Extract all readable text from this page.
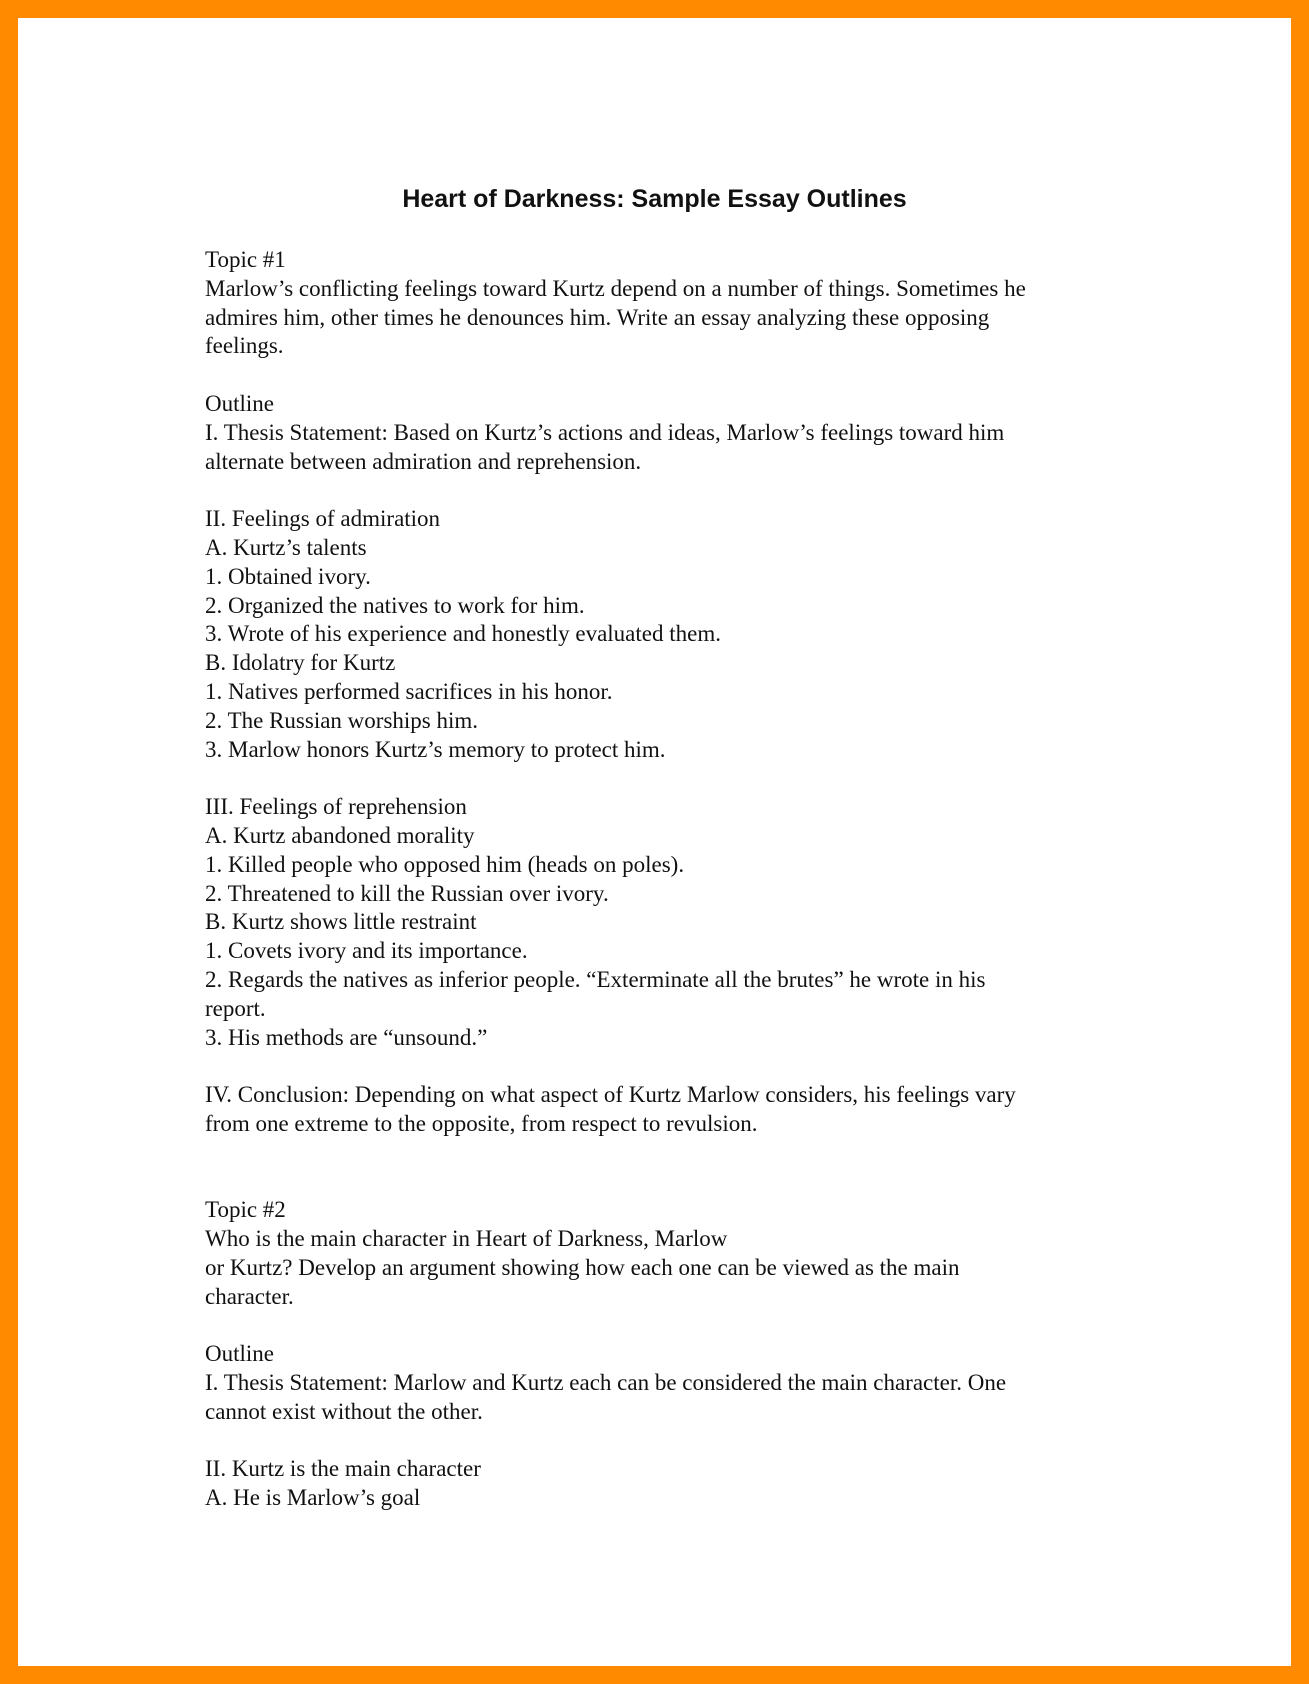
Heart of Darkness: Sample Essay Outlines
Topic #1
Marlow’s conflicting feelings toward Kurtz depend on a number of things. Sometimes he
admires him, other times he denounces him. Write an essay analyzing these opposing
feelings.
Outline
I. Thesis Statement: Based on Kurtz’s actions and ideas, Marlow’s feelings toward him
alternate between admiration and reprehension.
II. Feelings of admiration
A. Kurtz’s talents
1. Obtained ivory.
2. Organized the natives to work for him.
3. Wrote of his experience and honestly evaluated them.
B. Idolatry for Kurtz
1. Natives performed sacrifices in his honor.
2. The Russian worships him.
3. Marlow honors Kurtz’s memory to protect him.
III. Feelings of reprehension
A. Kurtz abandoned morality
1. Killed people who opposed him (heads on poles).
2. Threatened to kill the Russian over ivory.
B. Kurtz shows little restraint
1. Covets ivory and its importance.
2. Regards the natives as inferior people. “Exterminate all the brutes” he wrote in his
report.
3. His methods are “unsound.”
IV. Conclusion: Depending on what aspect of Kurtz Marlow considers, his feelings vary
from one extreme to the opposite, from respect to revulsion.
Topic #2
Who is the main character in Heart of Darkness, Marlow
or Kurtz? Develop an argument showing how each one can be viewed as the main
character.
Outline
I. Thesis Statement: Marlow and Kurtz each can be considered the main character. One
cannot exist without the other.
II. Kurtz is the main character
A. He is Marlow’s goal
